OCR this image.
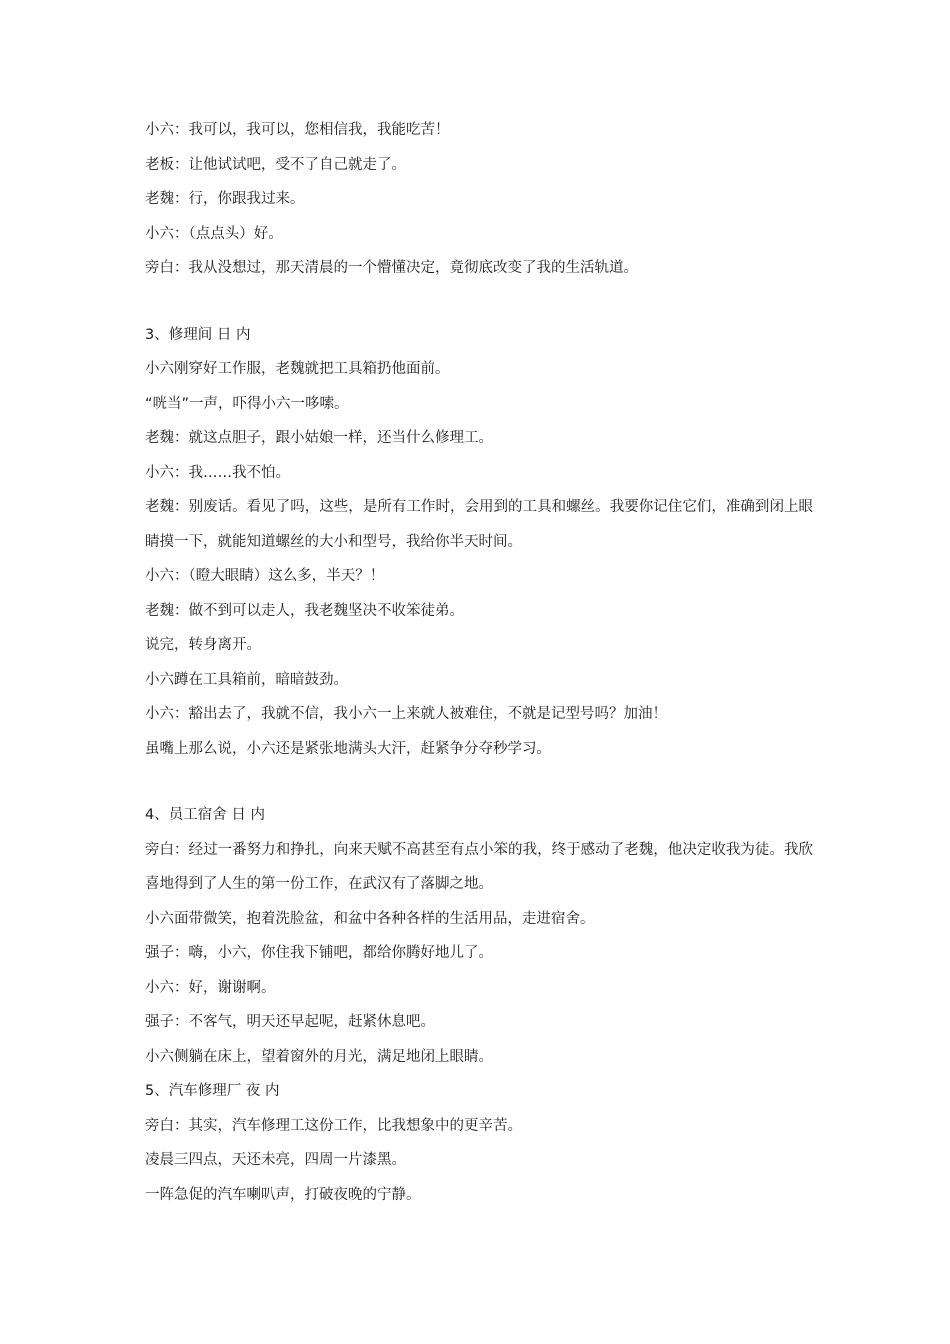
小六：我可以，我可以，您相信我，我能吃苦！

老板：让他试试吧，受不了自己就走了。

老魏：行，你跟我过来。

小六：（点点头）好。

旁白：我从没想过，那天清晨的一个懵懂决定，竟彻底改变了我的生活轨道。

3、修理间 日 内

小六刚穿好工作服，老魏就把工具箱扔他面前。

“咣当”一声，吓得小六一哆嗦。

老魏：就这点胆子，跟小姑娘一样，还当什么修理工。

小六：我……我不怕。

老魏：别废话。看见了吗，这些，是所有工作时，会用到的工具和螺丝。我要你记住它们，准确到闭上眼睛摸一下，就能知道螺丝的大小和型号，我给你半天时间。

小六：（瞪大眼睛）这么多，半天？！

老魏：做不到可以走人，我老魏坚决不收笨徒弟。

说完，转身离开。

小六蹲在工具箱前，暗暗鼓劲。

小六：豁出去了，我就不信，我小六一上来就人被难住，不就是记型号吗？加油！

虽嘴上那么说，小六还是紧张地满头大汗，赶紧争分夺秒学习。

4、员工宿舍 日 内

旁白：经过一番努力和挣扎，向来天赋不高甚至有点小笨的我，终于感动了老魏，他决定收我为徒。我欣喜地得到了人生的第一份工作，在武汉有了落脚之地。

小六面带微笑，抱着洗脸盆，和盆中各种各样的生活用品，走进宿舍。

强子：嗨，小六，你住我下铺吧，都给你腾好地儿了。

小六：好，谢谢啊。

强子：不客气，明天还早起呢，赶紧休息吧。

小六侧躺在床上，望着窗外的月光，满足地闭上眼睛。

5、汽车修理厂 夜 内

旁白：其实，汽车修理工这份工作，比我想象中的更辛苦。

凌晨三四点，天还未亮，四周一片漆黑。

一阵急促的汽车喇叭声，打破夜晚的宁静。
